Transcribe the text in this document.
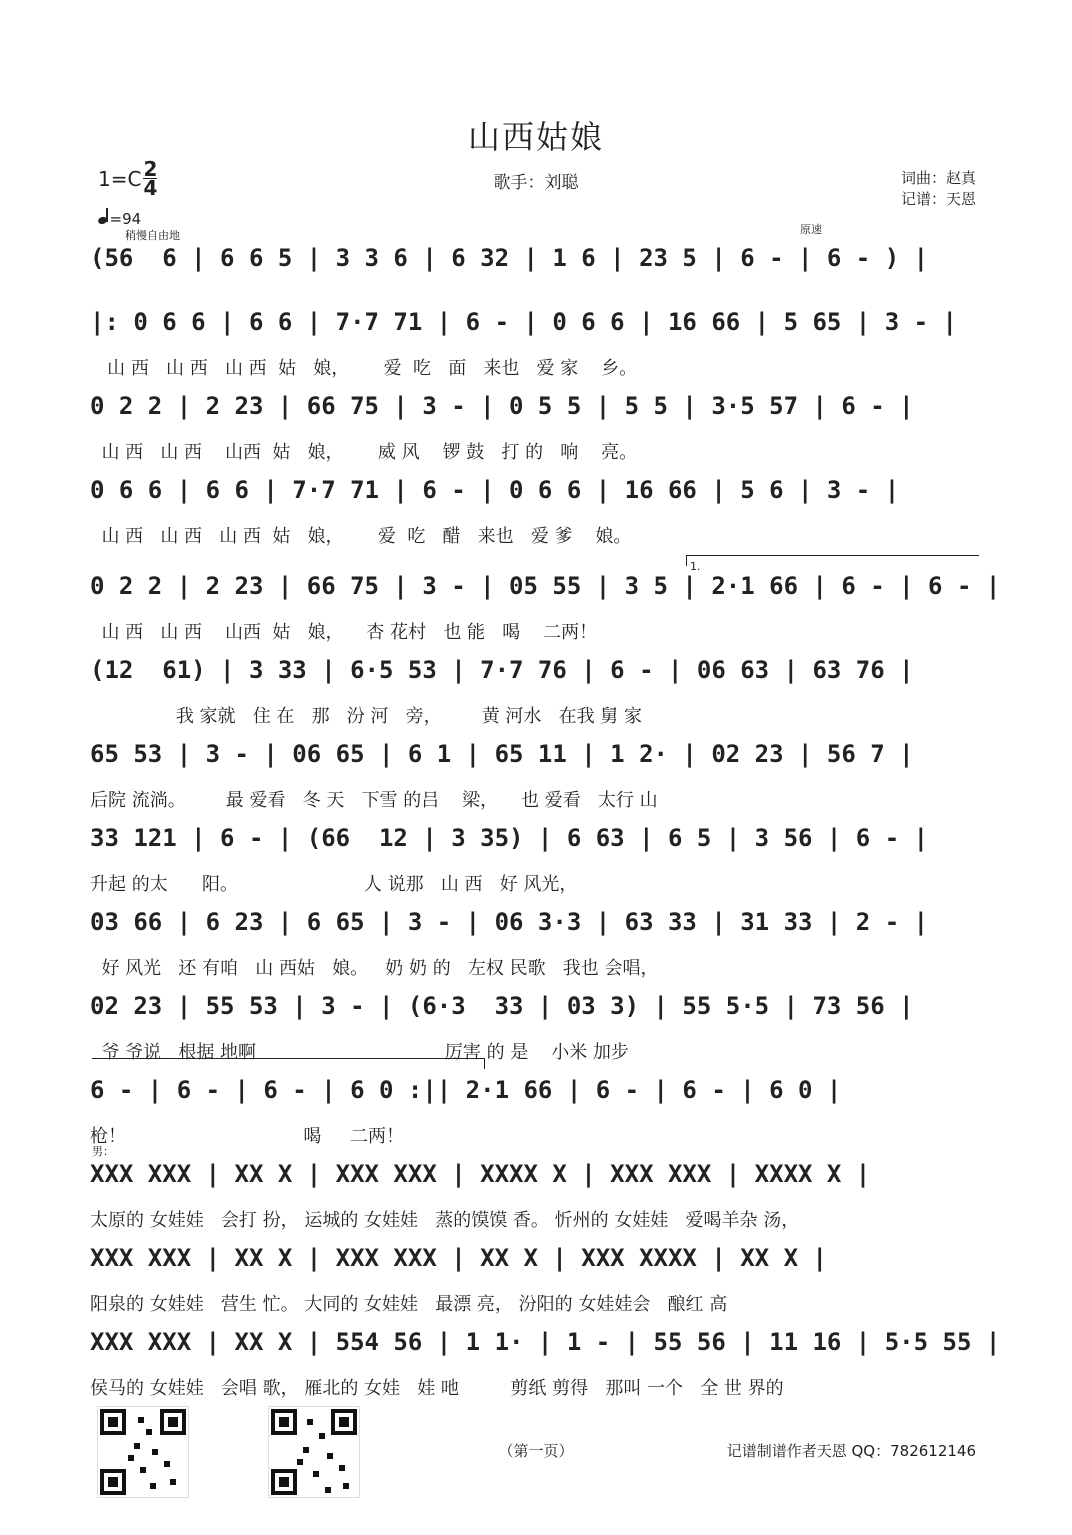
山西姑娘
$1=C \frac{2}{4}$
=94
稍慢自由地
歌手：刘聪	词曲：赵真
记谱：天恩
原速
(56  6 | 6 6 5 | 3 3 6 | 6 32 | 1 6 | 23 5 | 6 - | 6 - ) |
|: 0 6 6 | 6 6 | 7·7 71 | 6 - | 0 6 6 | 16 66 | 5 65 | 3 - |
山 西   山 西   山 西  姑   娘，      爱  吃   面   来也   爱 家    乡。
0 2 2 | 2 23 | 66 75 | 3 - | 0 5 5 | 5 5 | 3·5 57 | 6 - |
山 西   山 西    山西  姑   娘，      威 风    锣 鼓   打 的   响    亮。
0 6 6 | 6 6 | 7·7 71 | 6 - | 0 6 6 | 16 66 | 5 6 | 3 - |
山 西   山 西   山 西  姑   娘，      爱  吃   醋   来也   爱 爹    娘。
1.
0 2 2 | 2 23 | 66 75 | 3 - | 05 55 | 3 5 | 2·1 66 | 6 - | 6 - |
山 西   山 西    山西  姑   娘，    杏 花村   也 能   喝    二两！
(12  61) | 3 33 | 6·5 53 | 7·7 76 | 6 - | 06 63 | 63 76 |
我 家就   住 在   那   汾 河   旁，       黄 河水   在我 舅 家
65 53 | 3 - | 06 65 | 6 1 | 65 11 | 1 2· | 02 23 | 56 7 |
后院 流淌。       最 爱看   冬 天   下雪 的吕    梁，    也 爱看   太行 山
33 121 | 6 - | (66  12 | 3 35) | 6 63 | 6 5 | 3 56 | 6 - |
升起 的太      阳。                      人 说那   山 西   好 风光，
03 66 | 6 23 | 6 65 | 3 - | 06 3·3 | 63 33 | 31 33 | 2 - |
好 风光   还 有咱   山 西姑   娘。   奶 奶 的   左权 民歌   我也 会唱，
02 23 | 55 53 | 3 - | (6·3  33 | 03 3) | 55 5·5 | 73 56 |
爷 爷说   根据 地啊                                 厉害 的 是    小米 加步
6 - | 6 - | 6 - | 6 0 :|| 2·1 66 | 6 - | 6 - | 6 0 |
枪！                               喝     二两！
男：
XXX XXX | XX X | XXX XXX | XXXX X | XXX XXX | XXXX X |
太原的 女娃娃   会打 扮， 运城的 女娃娃   蒸的馍馍 香。 忻州的 女娃娃   爱喝羊杂 汤，
XXX XXX | XX X | XXX XXX | XX X | XXX XXXX | XX X |
阳泉的 女娃娃   营生 忙。 大同的 女娃娃   最漂 亮， 汾阳的 女娃娃会   酿红 高
XXX XXX | XX X | 554 56 | 1 1· | 1 - | 55 56 | 11 16 | 5·5 55 |
侯马的 女娃娃   会唱 歌， 雁北的 女娃   娃 吔         剪纸 剪得   那叫 一个   全 世 界的
（第一页）	记谱制谱作者天恩 QQ：782612146
